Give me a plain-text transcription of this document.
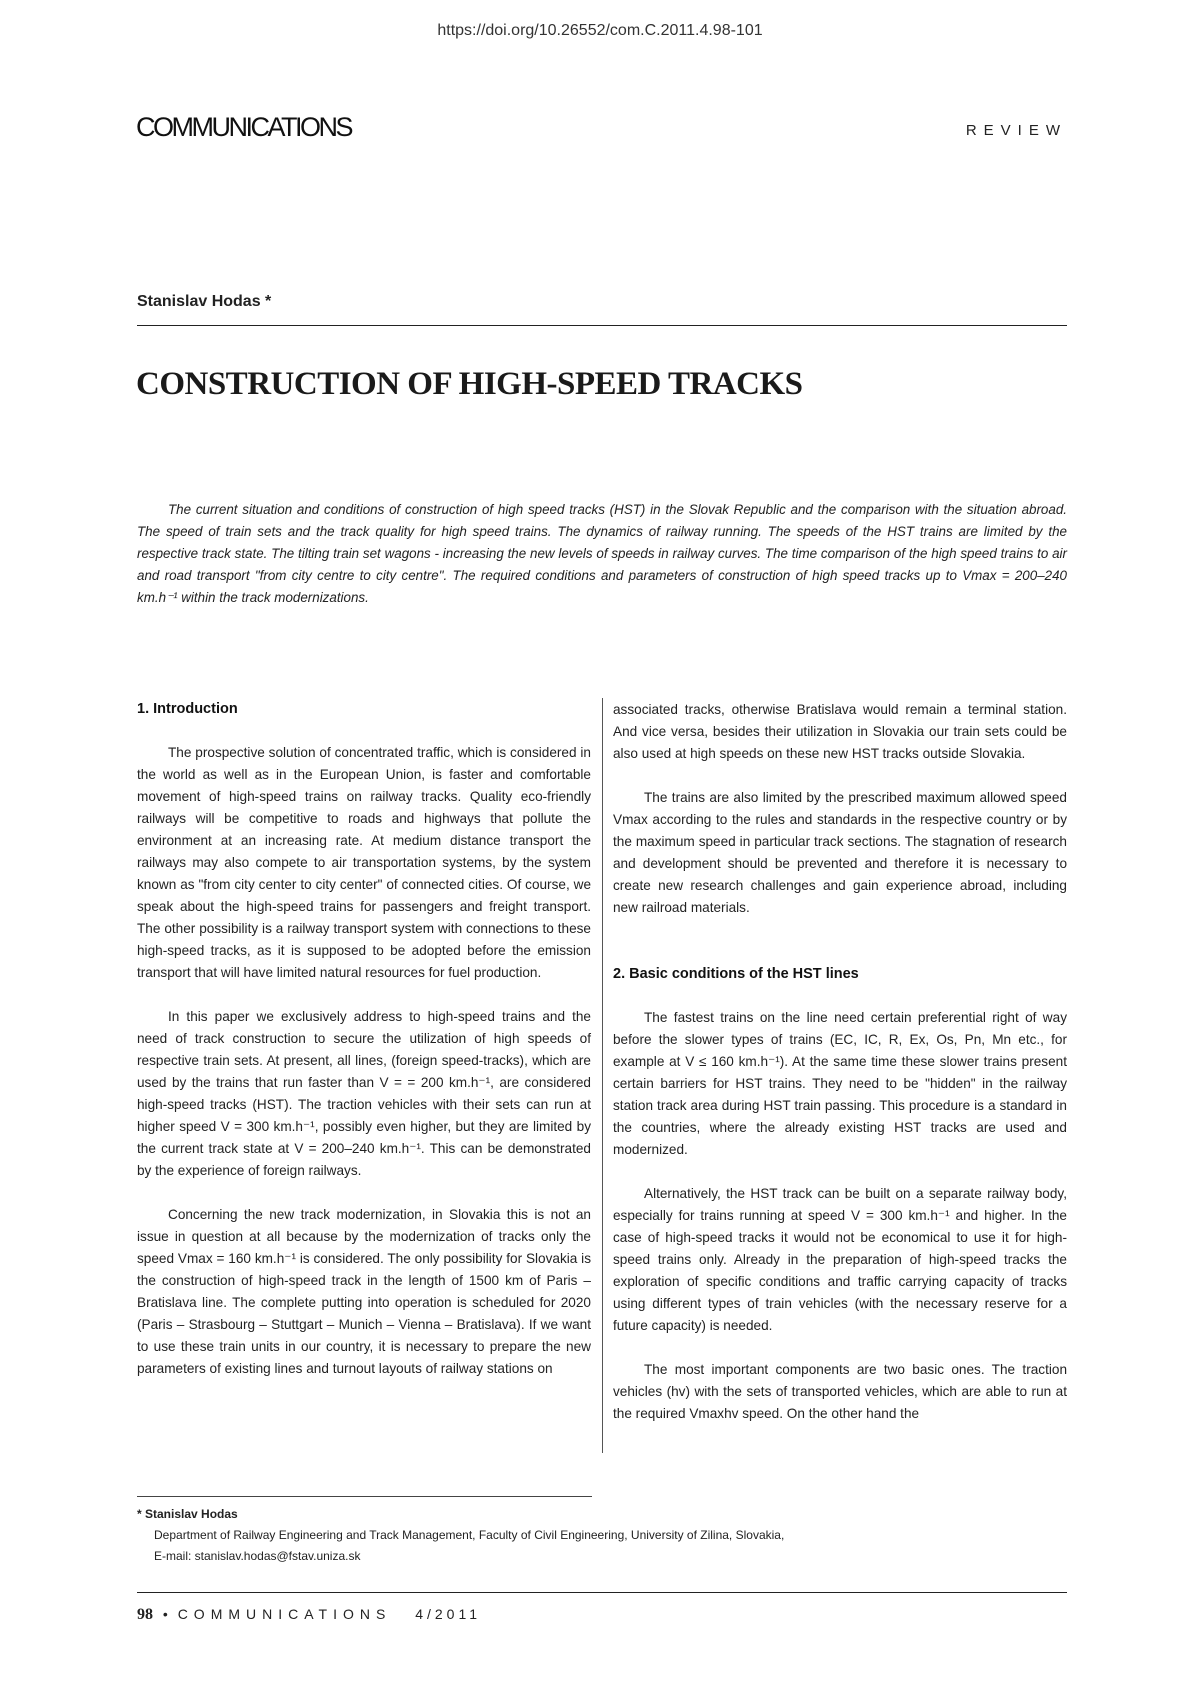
https://doi.org/10.26552/com.C.2011.4.98-101
COMMUNICATIONS	REVIEW
Stanislav Hodas *
CONSTRUCTION OF HIGH-SPEED TRACKS

The current situation and conditions of construction of high speed tracks (HST) in the Slovak Republic and the comparison with the situation abroad. The speed of train sets and the track quality for high speed trains. The dynamics of railway running. The speeds of the HST trains are limited by the respective track state. The tilting train set wagons - increasing the new levels of speeds in railway curves. The time comparison of the high speed trains to air and road transport "from city centre to city centre". The required conditions and parameters of construction of high speed tracks up to Vmax = 200–240 km.h⁻¹ within the track modernizations.

1. Introduction

The prospective solution of concentrated traffic, which is considered in the world as well as in the European Union, is faster and comfortable movement of high-speed trains on railway tracks. Quality eco-friendly railways will be competitive to roads and highways that pollute the environment at an increasing rate. At medium distance transport the railways may also compete to air transportation systems, by the system known as "from city center to city center" of connected cities. Of course, we speak about the high-speed trains for passengers and freight transport. The other possibility is a railway transport system with connections to these high-speed tracks, as it is supposed to be adopted before the emission transport that will have limited natural resources for fuel production.

In this paper we exclusively address to high-speed trains and the need of track construction to secure the utilization of high speeds of respective train sets. At present, all lines, (foreign speed-tracks), which are used by the trains that run faster than V = = 200 km.h⁻¹, are considered high-speed tracks (HST). The traction vehicles with their sets can run at higher speed V = 300 km.h⁻¹, possibly even higher, but they are limited by the current track state at V = 200–240 km.h⁻¹. This can be demonstrated by the experience of foreign railways.

Concerning the new track modernization, in Slovakia this is not an issue in question at all because by the modernization of tracks only the speed Vmax = 160 km.h⁻¹ is considered. The only possibility for Slovakia is the construction of high-speed track in the length of 1500 km of Paris – Bratislava line. The complete putting into operation is scheduled for 2020 (Paris – Strasbourg – Stuttgart – Munich – Vienna – Bratislava). If we want to use these train units in our country, it is necessary to prepare the new parameters of existing lines and turnout layouts of railway stations on

associated tracks, otherwise Bratislava would remain a terminal station. And vice versa, besides their utilization in Slovakia our train sets could be also used at high speeds on these new HST tracks outside Slovakia.

The trains are also limited by the prescribed maximum allowed speed Vmax according to the rules and standards in the respective country or by the maximum speed in particular track sections. The stagnation of research and development should be prevented and therefore it is necessary to create new research challenges and gain experience abroad, including new railroad materials.

2. Basic conditions of the HST lines

The fastest trains on the line need certain preferential right of way before the slower types of trains (EC, IC, R, Ex, Os, Pn, Mn etc., for example at V ≤ 160 km.h⁻¹). At the same time these slower trains present certain barriers for HST trains. They need to be "hidden" in the railway station track area during HST train passing. This procedure is a standard in the countries, where the already existing HST tracks are used and modernized.

Alternatively, the HST track can be built on a separate railway body, especially for trains running at speed V = 300 km.h⁻¹ and higher. In the case of high-speed tracks it would not be economical to use it for high-speed trains only. Already in the preparation of high-speed tracks the exploration of specific conditions and traffic carrying capacity of tracks using different types of train vehicles (with the necessary reserve for a future capacity) is needed.

The most important components are two basic ones. The traction vehicles (hv) with the sets of transported vehicles, which are able to run at the required Vmaxhv speed. On the other hand the

* Stanislav Hodas
Department of Railway Engineering and Track Management, Faculty of Civil Engineering, University of Zilina, Slovakia,
E-mail: stanislav.hodas@fstav.uniza.sk
98 • COMMUNICATIONS 4/2011
